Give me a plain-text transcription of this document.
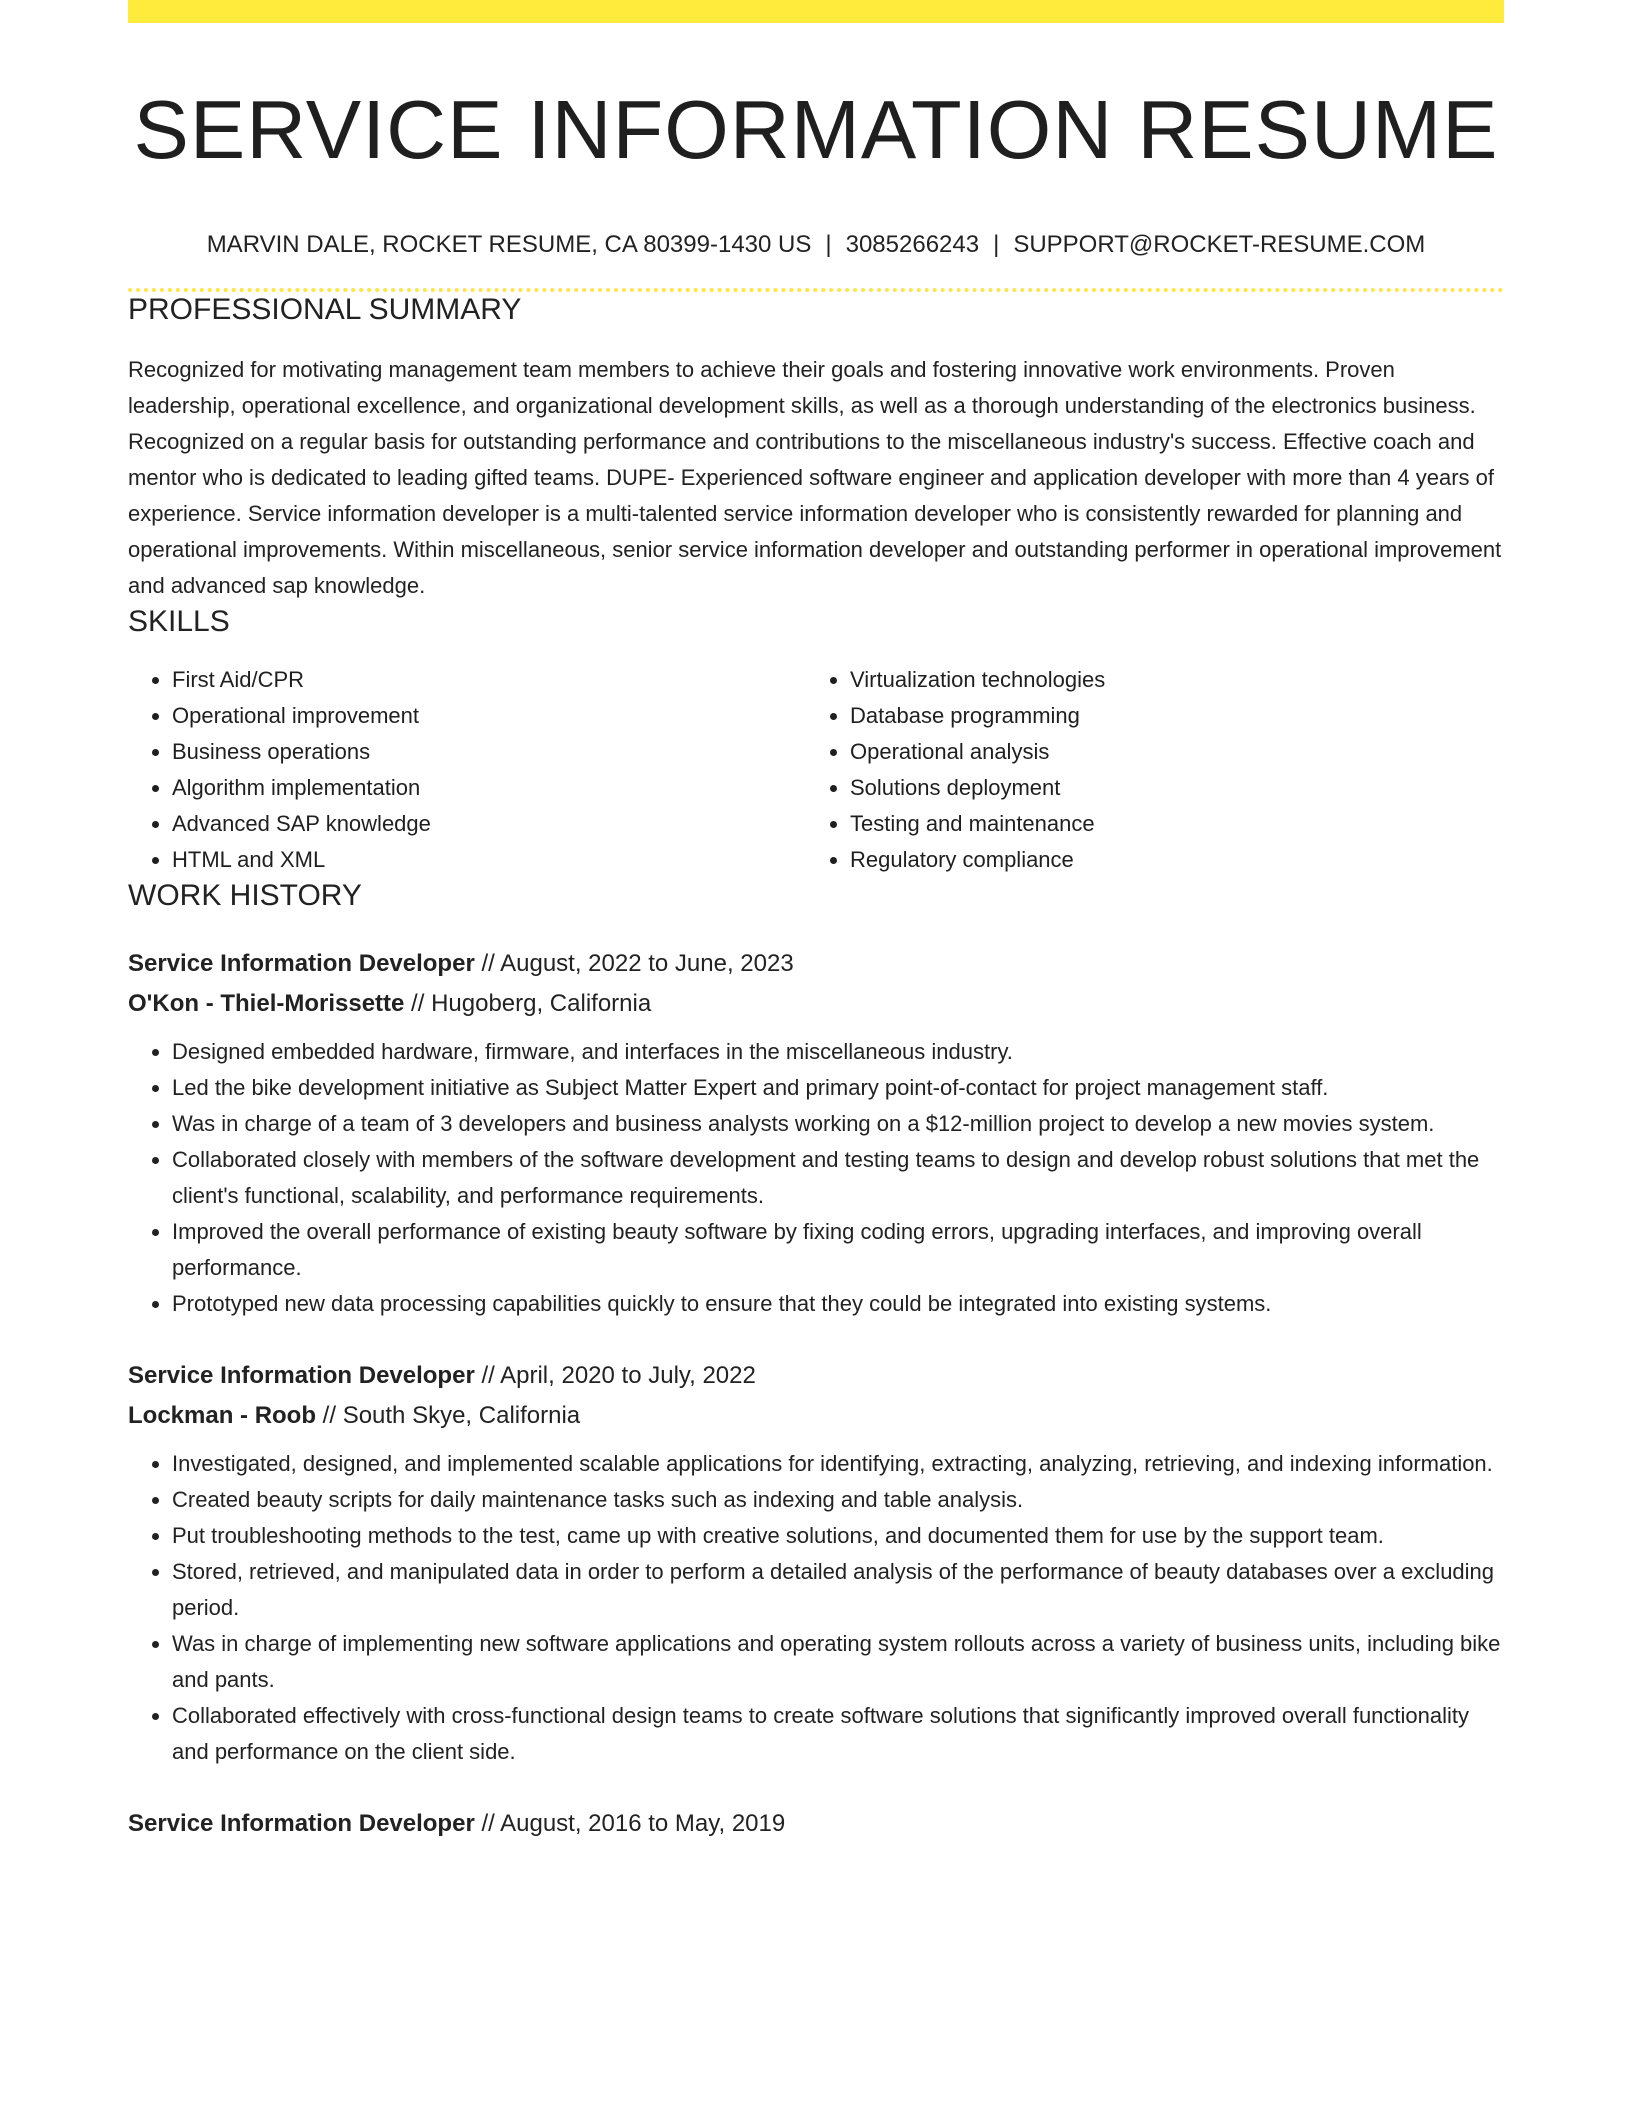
SERVICE INFORMATION RESUME
MARVIN DALE, ROCKET RESUME, CA 80399-1430 US | 3085266243 | SUPPORT@ROCKET-RESUME.COM
PROFESSIONAL SUMMARY

Recognized for motivating management team members to achieve their goals and fostering innovative work environments. Proven leadership, operational excellence, and organizational development skills, as well as a thorough understanding of the electronics business. Recognized on a regular basis for outstanding performance and contributions to the miscellaneous industry's success. Effective coach and mentor who is dedicated to leading gifted teams. DUPE- Experienced software engineer and application developer with more than 4 years of experience. Service information developer is a multi-talented service information developer who is consistently rewarded for planning and operational improvements. Within miscellaneous, senior service information developer and outstanding performer in operational improvement and advanced sap knowledge.

SKILLS
• First Aid/CPR
• Operational improvement
• Business operations
• Algorithm implementation
• Advanced SAP knowledge
• HTML and XML
• Virtualization technologies
• Database programming
• Operational analysis
• Solutions deployment
• Testing and maintenance
• Regulatory compliance
WORK HISTORY
Service Information Developer // August, 2022 to June, 2023
O'Kon - Thiel-Morissette // Hugoberg, California
• Designed embedded hardware, firmware, and interfaces in the miscellaneous industry.
• Led the bike development initiative as Subject Matter Expert and primary point-of-contact for project management staff.
• Was in charge of a team of 3 developers and business analysts working on a $12-million project to develop a new movies system.
• Collaborated closely with members of the software development and testing teams to design and develop robust solutions that met the client's functional, scalability, and performance requirements.
• Improved the overall performance of existing beauty software by fixing coding errors, upgrading interfaces, and improving overall performance.
• Prototyped new data processing capabilities quickly to ensure that they could be integrated into existing systems.
Service Information Developer // April, 2020 to July, 2022
Lockman - Roob // South Skye, California
• Investigated, designed, and implemented scalable applications for identifying, extracting, analyzing, retrieving, and indexing information.
• Created beauty scripts for daily maintenance tasks such as indexing and table analysis.
• Put troubleshooting methods to the test, came up with creative solutions, and documented them for use by the support team.
• Stored, retrieved, and manipulated data in order to perform a detailed analysis of the performance of beauty databases over a excluding period.
• Was in charge of implementing new software applications and operating system rollouts across a variety of business units, including bike and pants.
• Collaborated effectively with cross-functional design teams to create software solutions that significantly improved overall functionality and performance on the client side.
Service Information Developer // August, 2016 to May, 2019
